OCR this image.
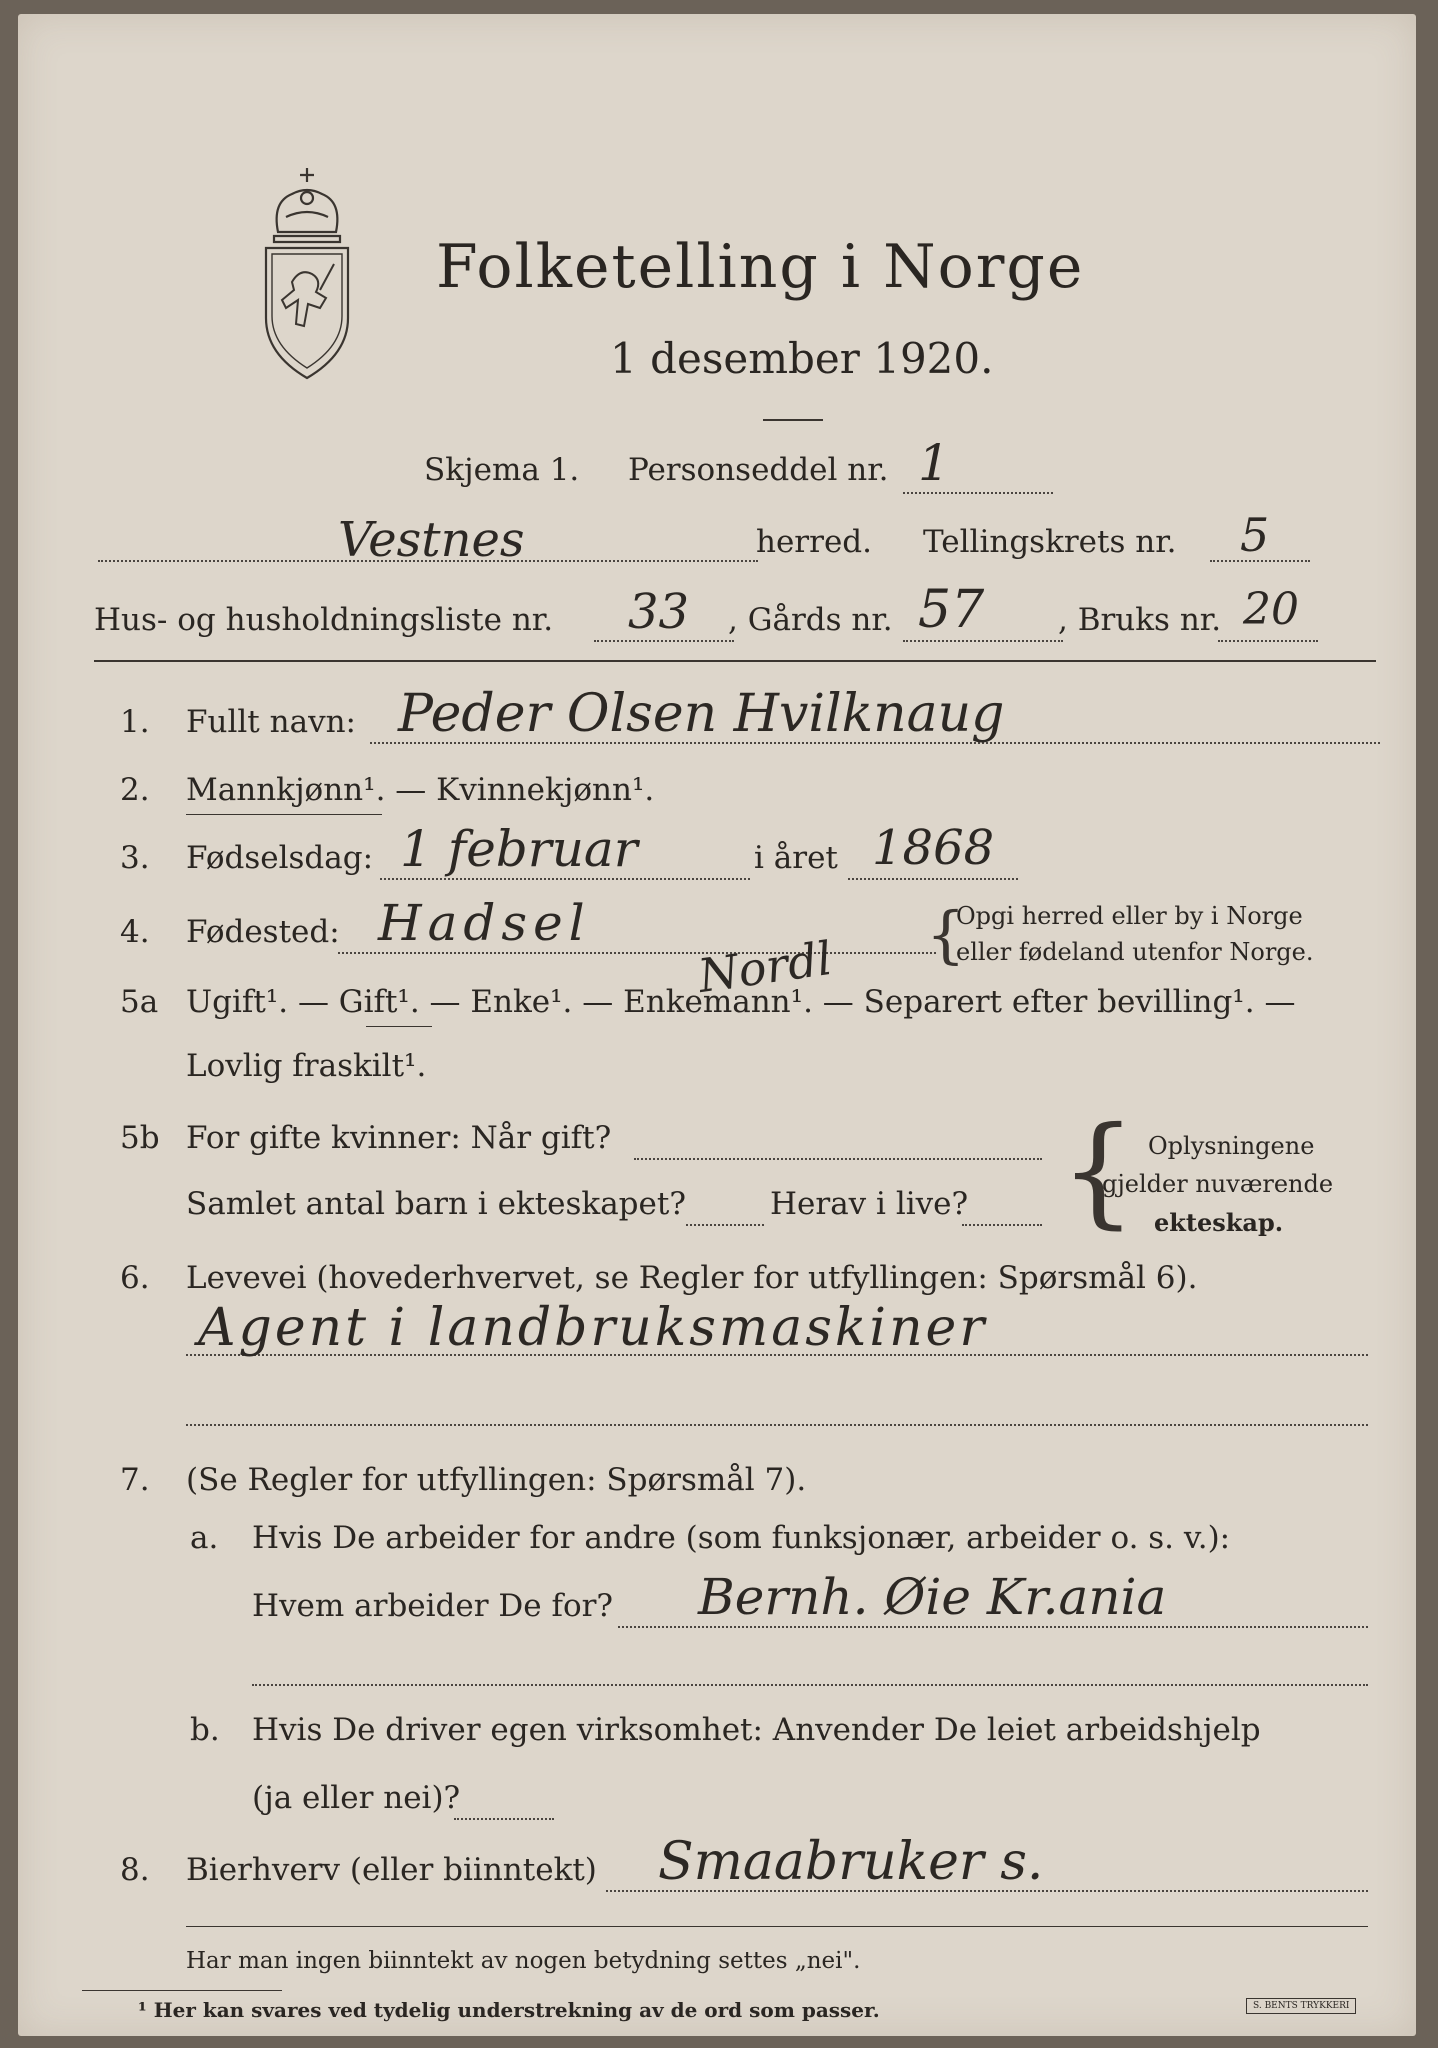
Folketelling i Norge
1 desember 1920.
Skjema 1. Personseddel nr. 1
Vestnes	herred. Tellingskrets nr. 5
Hus- og husholdningsliste nr. 33 , Gårds nr. 57 , Bruks nr. 20
1. Fullt navn: Peder Olsen Hvilknaug
2. Mannkjønn¹. — Kvinnekjønn¹.
3. Fødselsdag: 1 februar	i året 1868
4. Fødested: Hadsel	{
Opgi herred eller by i Norge
eller fødeland utenfor Norge.
5a Ugift¹. — Gift¹. — Enke¹. — Enkemann¹. — Separert efter bevilling¹. —
Nordl
Lovlig fraskilt¹.
5b For gifte kvinner: Når gift?
Samlet antal barn i ekteskapet?	Herav i live? { Oplysningene
gjelder nuværende
ekteskap.
6. Levevei (hovederhvervet, se Regler for utfyllingen: Spørsmål 6).
Agent i landbruksmaskiner
7. (Se Regler for utfyllingen: Spørsmål 7).
a. Hvis De arbeider for andre (som funksjonær, arbeider o. s. v.):
Hvem arbeider De for? Bernh. Øie Kr.ania
b. Hvis De driver egen virksomhet: Anvender De leiet arbeidshjelp
(ja eller nei)?
8. Bierhverv (eller biinntekt) Smaabruker s.
Har man ingen biinntekt av nogen betydning settes „nei".
¹ Her kan svares ved tydelig understrekning av de ord som passer.	S. BENTS TRYKKERI
